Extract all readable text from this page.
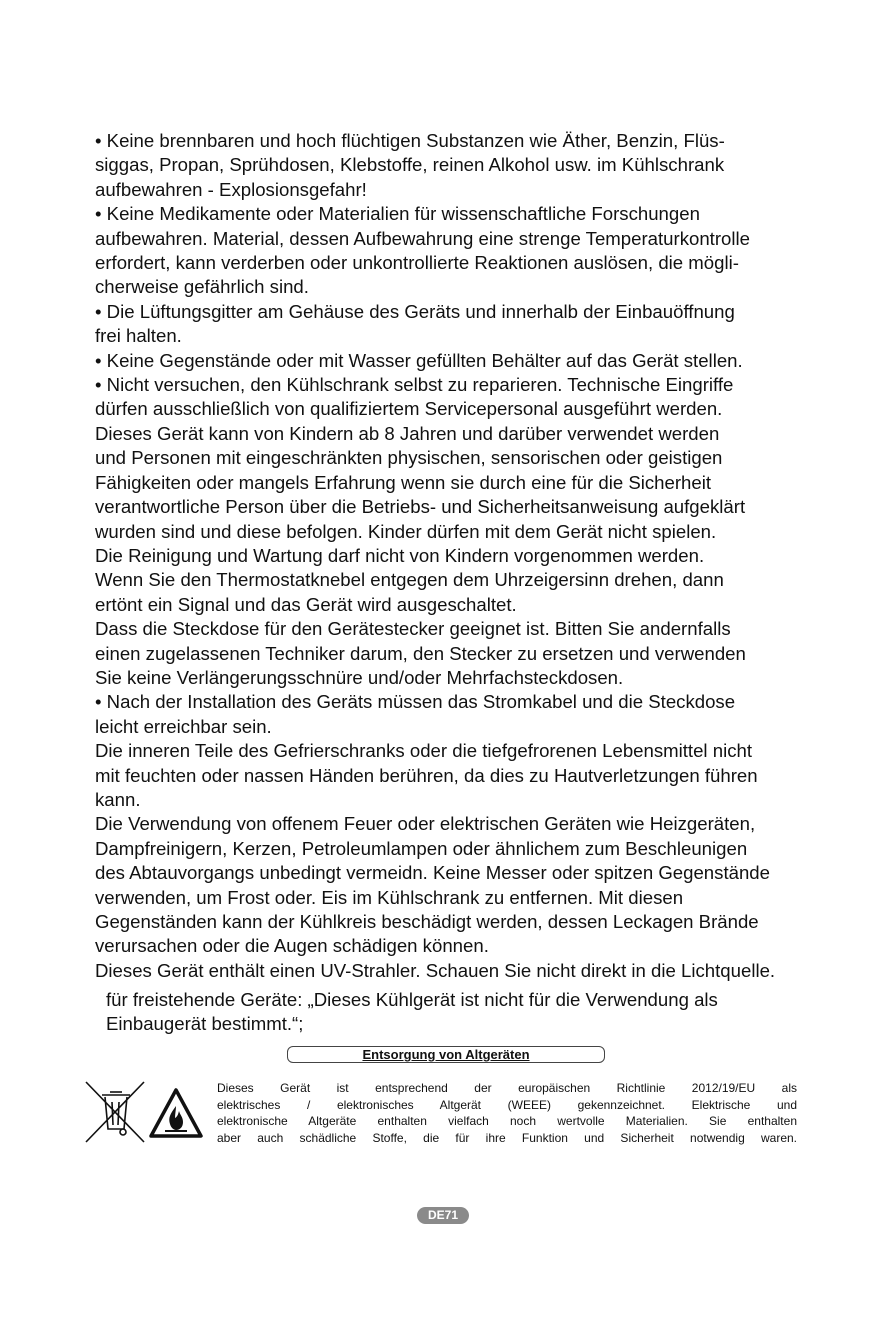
• Keine brennbaren und hoch flüchtigen Substanzen wie Äther, Benzin, Flüs-
siggas, Propan, Sprühdosen, Klebstoffe, reinen Alkohol usw. im Kühlschrank
aufbewahren - Explosionsgefahr!
• Keine Medikamente oder Materialien für wissenschaftliche Forschungen
aufbewahren. Material, dessen Aufbewahrung eine strenge Temperaturkontrolle
erfordert, kann verderben oder unkontrollierte Reaktionen auslösen, die mögli-
cherweise gefährlich sind.
• Die Lüftungsgitter am Gehäuse des Geräts und innerhalb der Einbauöffnung
frei halten.
• Keine Gegenstände oder mit Wasser gefüllten Behälter auf das Gerät stellen.
• Nicht versuchen, den Kühlschrank selbst zu reparieren. Technische Eingriffe
dürfen ausschließlich von qualifiziertem Servicepersonal ausgeführt werden.
Dieses Gerät kann von Kindern ab 8 Jahren und darüber verwendet werden
und Personen mit eingeschränkten physischen, sensorischen oder geistigen
Fähigkeiten oder mangels Erfahrung wenn sie durch eine für die Sicherheit
verantwortliche Person über die Betriebs- und Sicherheitsanweisung aufgeklärt
wurden sind und diese befolgen. Kinder dürfen mit dem Gerät nicht spielen.
Die Reinigung und Wartung darf nicht von Kindern vorgenommen werden.
Wenn Sie den Thermostatknebel entgegen dem Uhrzeigersinn drehen, dann
ertönt ein Signal und das Gerät wird ausgeschaltet.
Dass die Steckdose für den Gerätestecker geeignet ist. Bitten Sie andernfalls
einen zugelassenen Techniker darum, den Stecker zu ersetzen und verwenden
Sie keine Verlängerungsschnüre und/oder Mehrfachsteckdosen.
• Nach der Installation des Geräts müssen das Stromkabel und die Steckdose
leicht erreichbar sein.
Die inneren Teile des Gefrierschranks oder die tiefgefrorenen Lebensmittel nicht
mit feuchten oder nassen Händen berühren, da dies zu Hautverletzungen führen
kann.
Die Verwendung von offenem Feuer oder elektrischen Geräten wie Heizgeräten,
Dampfreinigern, Kerzen, Petroleumlampen oder ähnlichem zum Beschleunigen
des Abtauvorgangs unbedingt vermeidn. Keine Messer oder spitzen Gegenstände
verwenden, um Frost oder. Eis im Kühlschrank zu entfernen. Mit diesen
Gegenständen kann der Kühlkreis beschädigt werden, dessen Leckagen Brände
verursachen oder die Augen schädigen können.
Dieses Gerät enthält einen UV-Strahler. Schauen Sie nicht direkt in die Lichtquelle.
für freistehende Geräte: „Dieses Kühlgerät ist nicht für die Verwendung als
Einbaugerät bestimmt.“;
Entsorgung von Altgeräten
Dieses Gerät ist entsprechend der europäischen Richtlinie 2012/19/EU als
elektrisches / elektronisches Altgerät (WEEE) gekennzeichnet. Elektrische und
elektronische Altgeräte enthalten vielfach noch wertvolle Materialien. Sie enthalten
aber auch schädliche Stoffe, die für ihre Funktion und Sicherheit notwendig waren.
DE71
